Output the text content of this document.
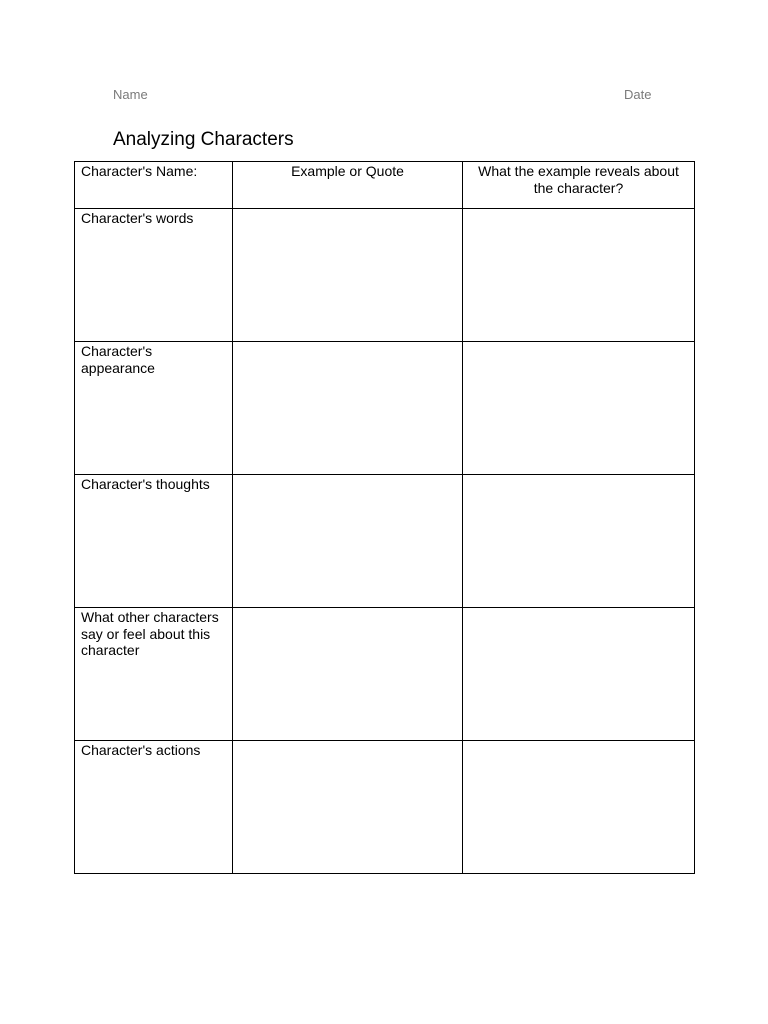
Name	Date
Analyzing Characters
Character's Name:	Example or Quote	What the example reveals about the character?
Character's words		
Character's appearance		
Character's thoughts		
What other characters say or feel about this character		
Character's actions		
